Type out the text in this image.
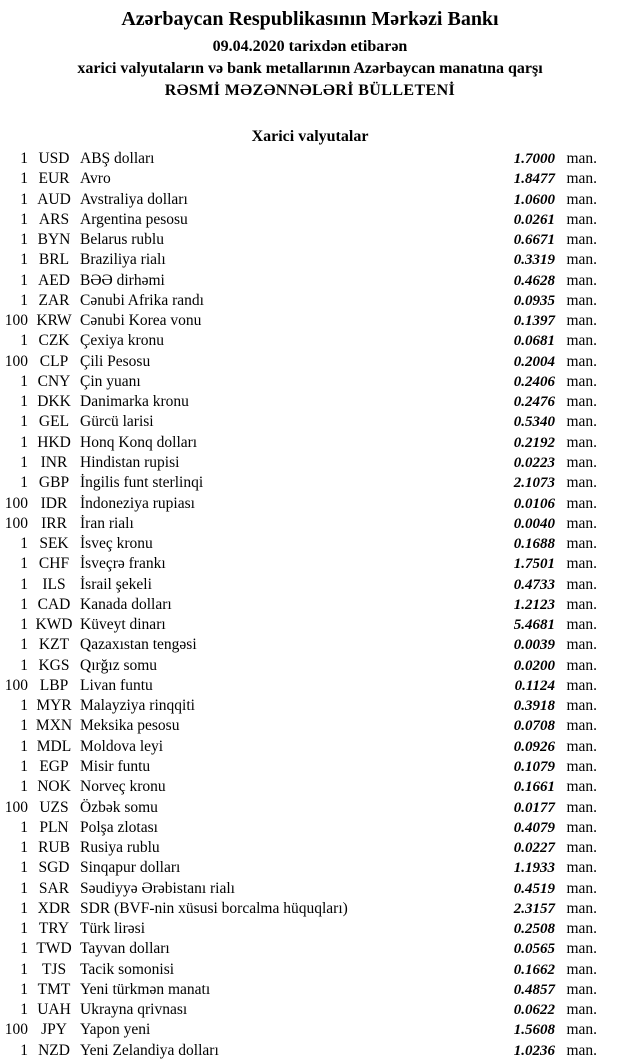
Azərbaycan Respublikasının Mərkəzi Bankı
09.04.2020 tarixdən etibarən
xarici valyutaların və bank metallarının Azərbaycan manatına qarşı
RƏSMİ MƏZƏNNƏLƏRİ BÜLLETENİ
Xarici valyutalar
1 USD ABŞ dolları	1.7000 man.
1 EUR Avro	1.8477 man.
1 AUD Avstraliya dolları	1.0600 man.
1 ARS Argentina pesosu	0.0261 man.
1 BYN Belarus rublu	0.6671 man.
1 BRL Braziliya rialı	0.3319 man.
1 AED BƏƏ dirhəmi	0.4628 man.
1 ZAR Cənubi Afrika randı	0.0935 man.
100 KRW Cənubi Korea vonu	0.1397 man.
1 CZK Çexiya kronu	0.0681 man.
100 CLP Çili Pesosu	0.2004 man.
1 CNY Çin yuanı	0.2406 man.
1 DKK Danimarka kronu	0.2476 man.
1 GEL Gürcü larisi	0.5340 man.
1 HKD Honq Konq dolları	0.2192 man.
1 INR Hindistan rupisi	0.0223 man.
1 GBP İngilis funt sterlinqi	2.1073 man.
100 IDR İndoneziya rupiası	0.0106 man.
100 IRR İran rialı	0.0040 man.
1 SEK İsveç kronu	0.1688 man.
1 CHF İsveçrə frankı	1.7501 man.
1 ILS İsrail şekeli	0.4733 man.
1 CAD Kanada dolları	1.2123 man.
1 KWD Küveyt dinarı	5.4681 man.
1 KZT Qazaxıstan tengəsi	0.0039 man.
1 KGS Qırğız somu	0.0200 man.
100 LBP Livan funtu	0.1124 man.
1 MYR Malayziya rinqqiti	0.3918 man.
1 MXN Meksika pesosu	0.0708 man.
1 MDL Moldova leyi	0.0926 man.
1 EGP Misir funtu	0.1079 man.
1 NOK Norveç kronu	0.1661 man.
100 UZS Özbək somu	0.0177 man.
1 PLN Polşa zlotası	0.4079 man.
1 RUB Rusiya rublu	0.0227 man.
1 SGD Sinqapur dolları	1.1933 man.
1 SAR Səudiyyə Ərəbistanı rialı	0.4519 man.
1 XDR SDR (BVF-nin xüsusi borcalma hüquqları)	2.3157 man.
1 TRY Türk lirəsi	0.2508 man.
1 TWD Tayvan dolları	0.0565 man.
1 TJS Tacik somonisi	0.1662 man.
1 TMT Yeni türkmən manatı	0.4857 man.
1 UAH Ukrayna qrivnası	0.0622 man.
100 JPY Yapon yeni	1.5608 man.
1 NZD Yeni Zelandiya dolları	1.0236 man.
